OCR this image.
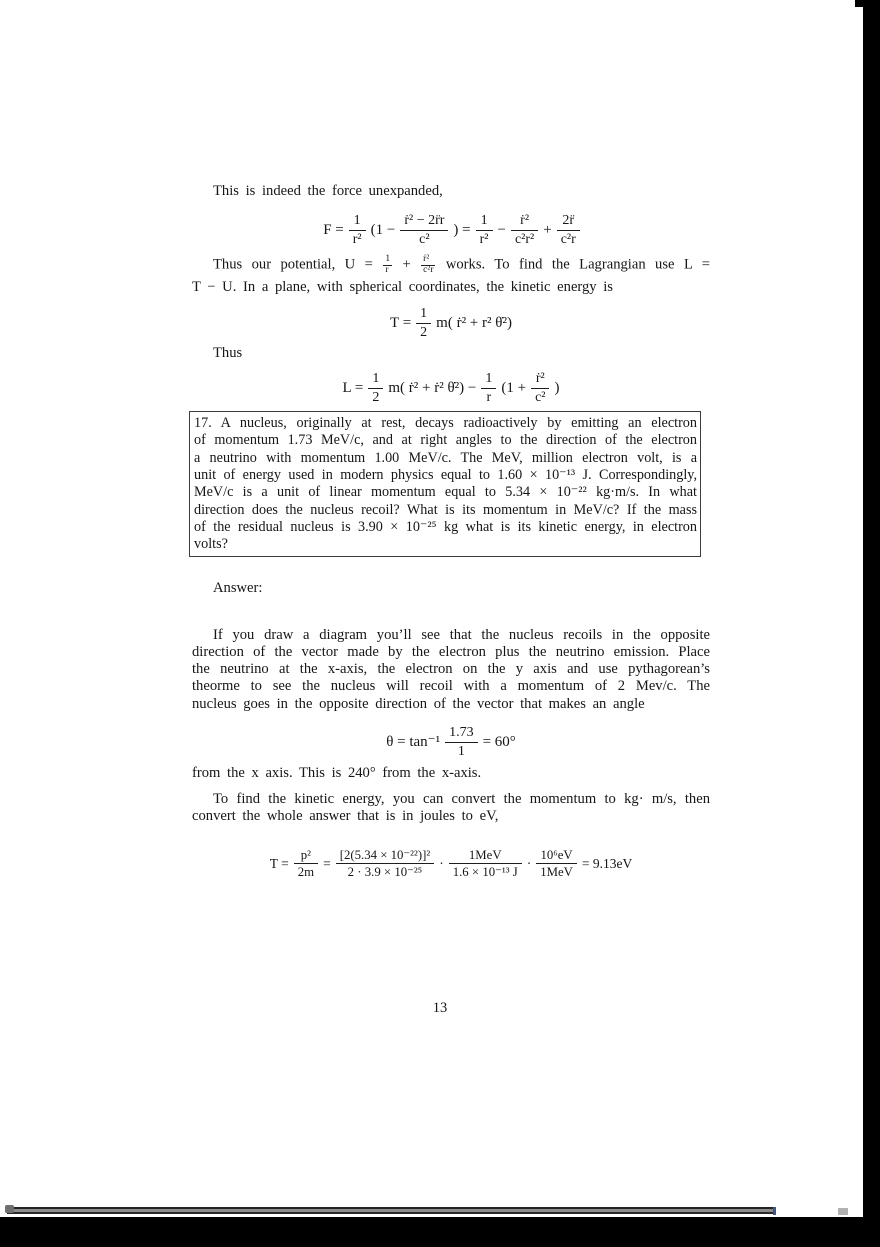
This is indeed the force unexpanded,

$F = \frac{1}{\text{r²}} (1 - \frac{\text{ṙ² − 2r̈r}}{\text{c²}}$ ) = $\frac{1}{\text{r²}} - \frac{\text{ṙ²}}{\text{c²r²}} + \frac{2r̈}{\text{c²r}}$
Thus our potential, $U = \frac{1}{r} + \frac{\text{ṙ²}}{\text{c²r}}$ works. To find the Lagrangian use L =

T − U. In a plane, with spherical coordinates, the kinetic energy is

$T = \frac{1}{2} m$( ṙ² + r² θ̇²)

Thus

$L = \frac{1}{2} m$( ṙ² + ṙ² θ̇²) − $\frac{1}{r} (1 + \frac{\text{ṙ²}}{\text{c²}}$ )
17. A nucleus, originally at rest, decays radioactively by emitting an electron
of momentum 1.73 MeV/c, and at right angles to the direction of the electron
a neutrino with momentum 1.00 MeV/c. The MeV, million electron volt, is a
unit of energy used in modern physics equal to 1.60 × 10⁻¹³ J. Correspondingly,
MeV/c is a unit of linear momentum equal to 5.34 × 10⁻²² kg·m/s. In what
direction does the nucleus recoil? What is its momentum in MeV/c? If the mass
of the residual nucleus is 3.90 × 10⁻²⁵ kg what is its kinetic energy, in electron
volts?

Answer:

If you draw a diagram you’ll see that the nucleus recoils in the opposite
direction of the vector made by the electron plus the neutrino emission. Place
the neutrino at the x-axis, the electron on the y axis and use pythagorean’s
theorme to see the nucleus will recoil with a momentum of 2 Mev/c. The
nucleus goes in the opposite direction of the vector that makes an angle
$\theta = \tan^{-1} \frac{1.73}{1} = 60^\circ$

from the x axis. This is 240° from the x-axis.

To find the kinetic energy, you can convert the momentum to kg· m/s, then

convert the whole answer that is in joules to eV,

$T = \frac{\text{p²}}{2m} = \frac{\text{[2(5.34 × 10⁻²²)]²}}{\text{2 · 3.9 × 10⁻²⁵}} \cdot \frac{\text{1MeV}}{\text{1.6 × 10⁻¹³ J}} \cdot \frac{\text{10⁶eV}}{\text{1MeV}} = 9.13eV$
13
